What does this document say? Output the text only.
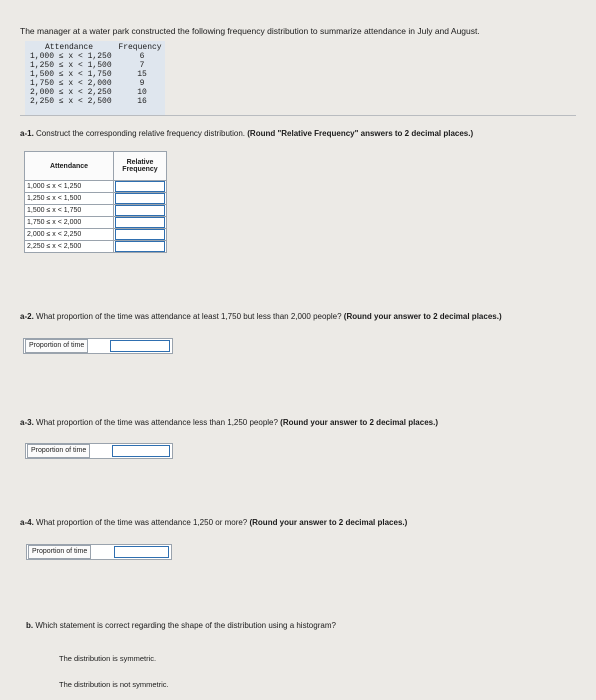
The manager at a water park constructed the following frequency distribution to summarize attendance in July and August.
Attendance	Frequency
1,000 ≤ x < 1,250	6
1,250 ≤ x < 1,500	7
1,500 ≤ x < 1,750	15
1,750 ≤ x < 2,000	9
2,000 ≤ x < 2,250	10
2,250 ≤ x < 2,500	16
a-1. Construct the corresponding relative frequency distribution. (Round "Relative Frequency" answers to 2 decimal places.)
Attendance	Relative Frequency
1,000 ≤ x < 1,250	

1,250 ≤ x < 1,500	

1,500 ≤ x < 1,750	

1,750 ≤ x < 2,000	

2,000 ≤ x < 2,250	

2,250 ≤ x < 2,500	
a-2. What proportion of the time was attendance at least 1,750 but less than 2,000 people? (Round your answer to 2 decimal places.)
Proportion of time
a-3. What proportion of the time was attendance less than 1,250 people? (Round your answer to 2 decimal places.)
Proportion of time
a-4. What proportion of the time was attendance 1,250 or more? (Round your answer to 2 decimal places.)
Proportion of time
b. Which statement is correct regarding the shape of the distribution using a histogram?
The distribution is symmetric.
The distribution is not symmetric.
